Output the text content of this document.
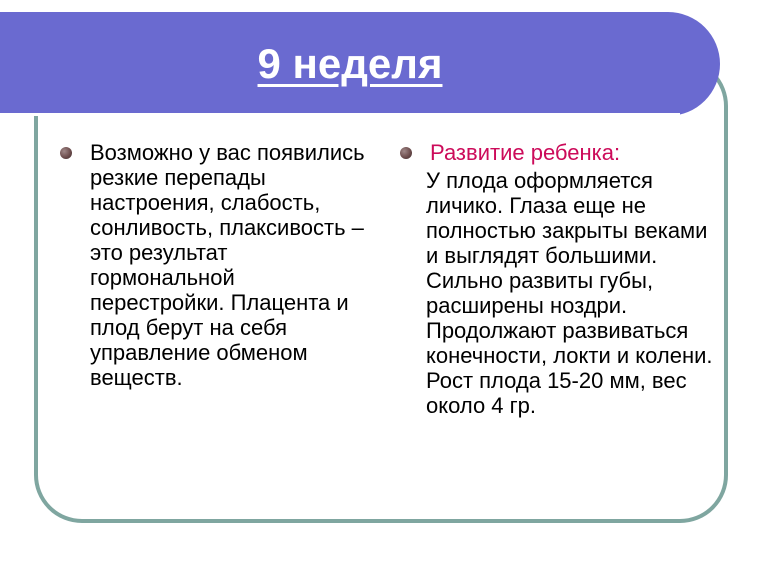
9 неделя
Возможно у вас появились резкие перепады настроения, слабость, сонливость, плаксивость – это результат гормональной перестройки. Плацента и плод берут на себя управление обменом веществ.
Развитие ребенка:
У плода оформляется личико. Глаза еще не полностью закрыты веками и выглядят большими. Сильно развиты губы, расширены ноздри. Продолжают развиваться конечности, локти и колени. Рост плода 15-20 мм, вес около 4 гр.
